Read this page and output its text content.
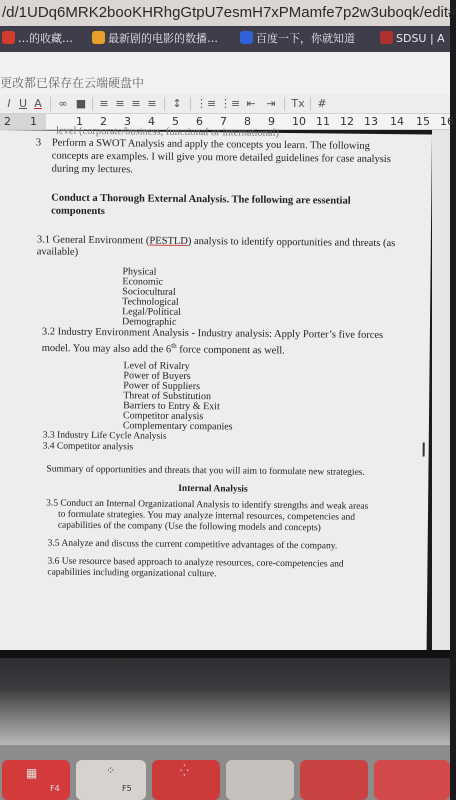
/d/1UDq6MRK2booKHRhgGtpU7esmH7xPMamfe7p2w3uboqk/edit#
…的收藏…	最新剧的电影的数播…	百度一下，你就知道	SDSU | A
更改都已保存在云端硬盘中
I U A ∞ ■ ≡ ≡ ≡ ≡ ↕ ⋮≡ ⋮≡ ⇤ ⇥ Tx #
2 1	1 2 3 4 5 6 7 8 9 10 11 12 13 14 15 16
level (corporate/business, functional or international)
3 Perform a SWOT Analysis and apply the concepts you learn. The following
concepts are examples. I will give you more detailed guidelines for case analysis
during my lectures.
Conduct a Thorough External Analysis. The following are essential
components
3.1 General Environment (PESTLD) analysis to identify opportunities and threats (as
available)
Physical
Economic
Sociocultural
Technological
Legal/Political
Demographic
3.2 Industry Environment Analysis - Industry analysis: Apply Porter’s five forces
model. You may also add the 6th force component as well.
Level of Rivalry
Power of Buyers
Power of Suppliers
Threat of Substitution
Barriers to Entry & Exit
Competitor analysis
Complementary companies
3.3 Industry Life Cycle Analysis
3.4 Competitor analysis
Summary of opportunities and threats that you will aim to formulate new strategies.
Internal Analysis
3.5 Conduct an Internal Organizational Analysis to identify strengths and weak areas
to formulate strategies. You may analyze internal resources, competencies and
capabilities of the company (Use the following models and concepts)
3.5 Analyze and discuss the current competitive advantages of the company.
3.6 Use resource based approach to analyze resources, core-competencies and
capabilities including organizational culture.
▦
F4
⁘
F5
⁛
